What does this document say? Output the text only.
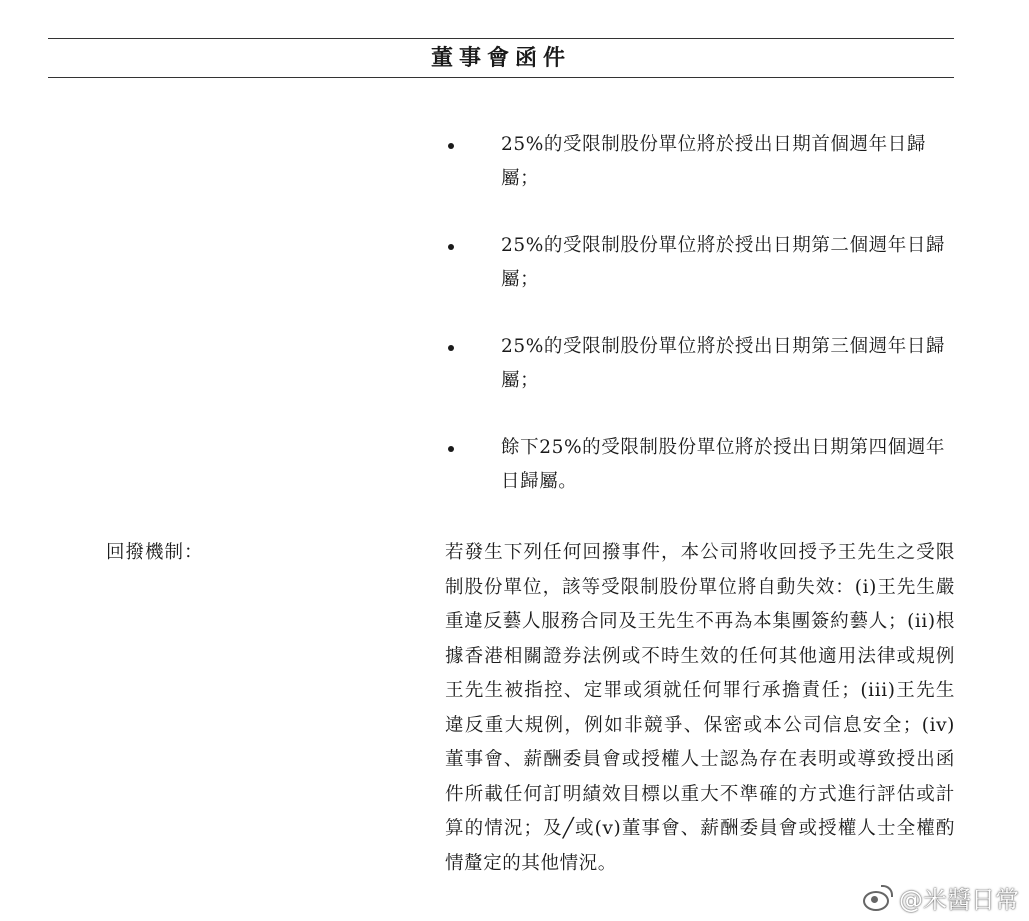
董事會函件
25%的受限制股份單位將於授出日期首個週年日歸屬；
25%的受限制股份單位將於授出日期第二個週年日歸屬；
25%的受限制股份單位將於授出日期第三個週年日歸屬；
餘下25%的受限制股份單位將於授出日期第四個週年日歸屬。
回撥機制：	若發生下列任何回撥事件，本公司將收回授予王先生之受限制股份單位，該等受限制股份單位將自動失效：(i)王先生嚴重違反藝人服務合同及王先生不再為本集團簽約藝人；(ii)根據香港相關證券法例或不時生效的任何其他適用法律或規例王先生被指控、定罪或須就任何罪行承擔責任；(iii)王先生違反重大規例，例如非競爭、保密或本公司信息安全；(iv)董事會、薪酬委員會或授權人士認為存在表明或導致授出函件所載任何訂明績效目標以重大不準確的方式進行評估或計算的情況；及╱或(v)董事會、薪酬委員會或授權人士全權酌情釐定的其他情況。
@米醬日常
